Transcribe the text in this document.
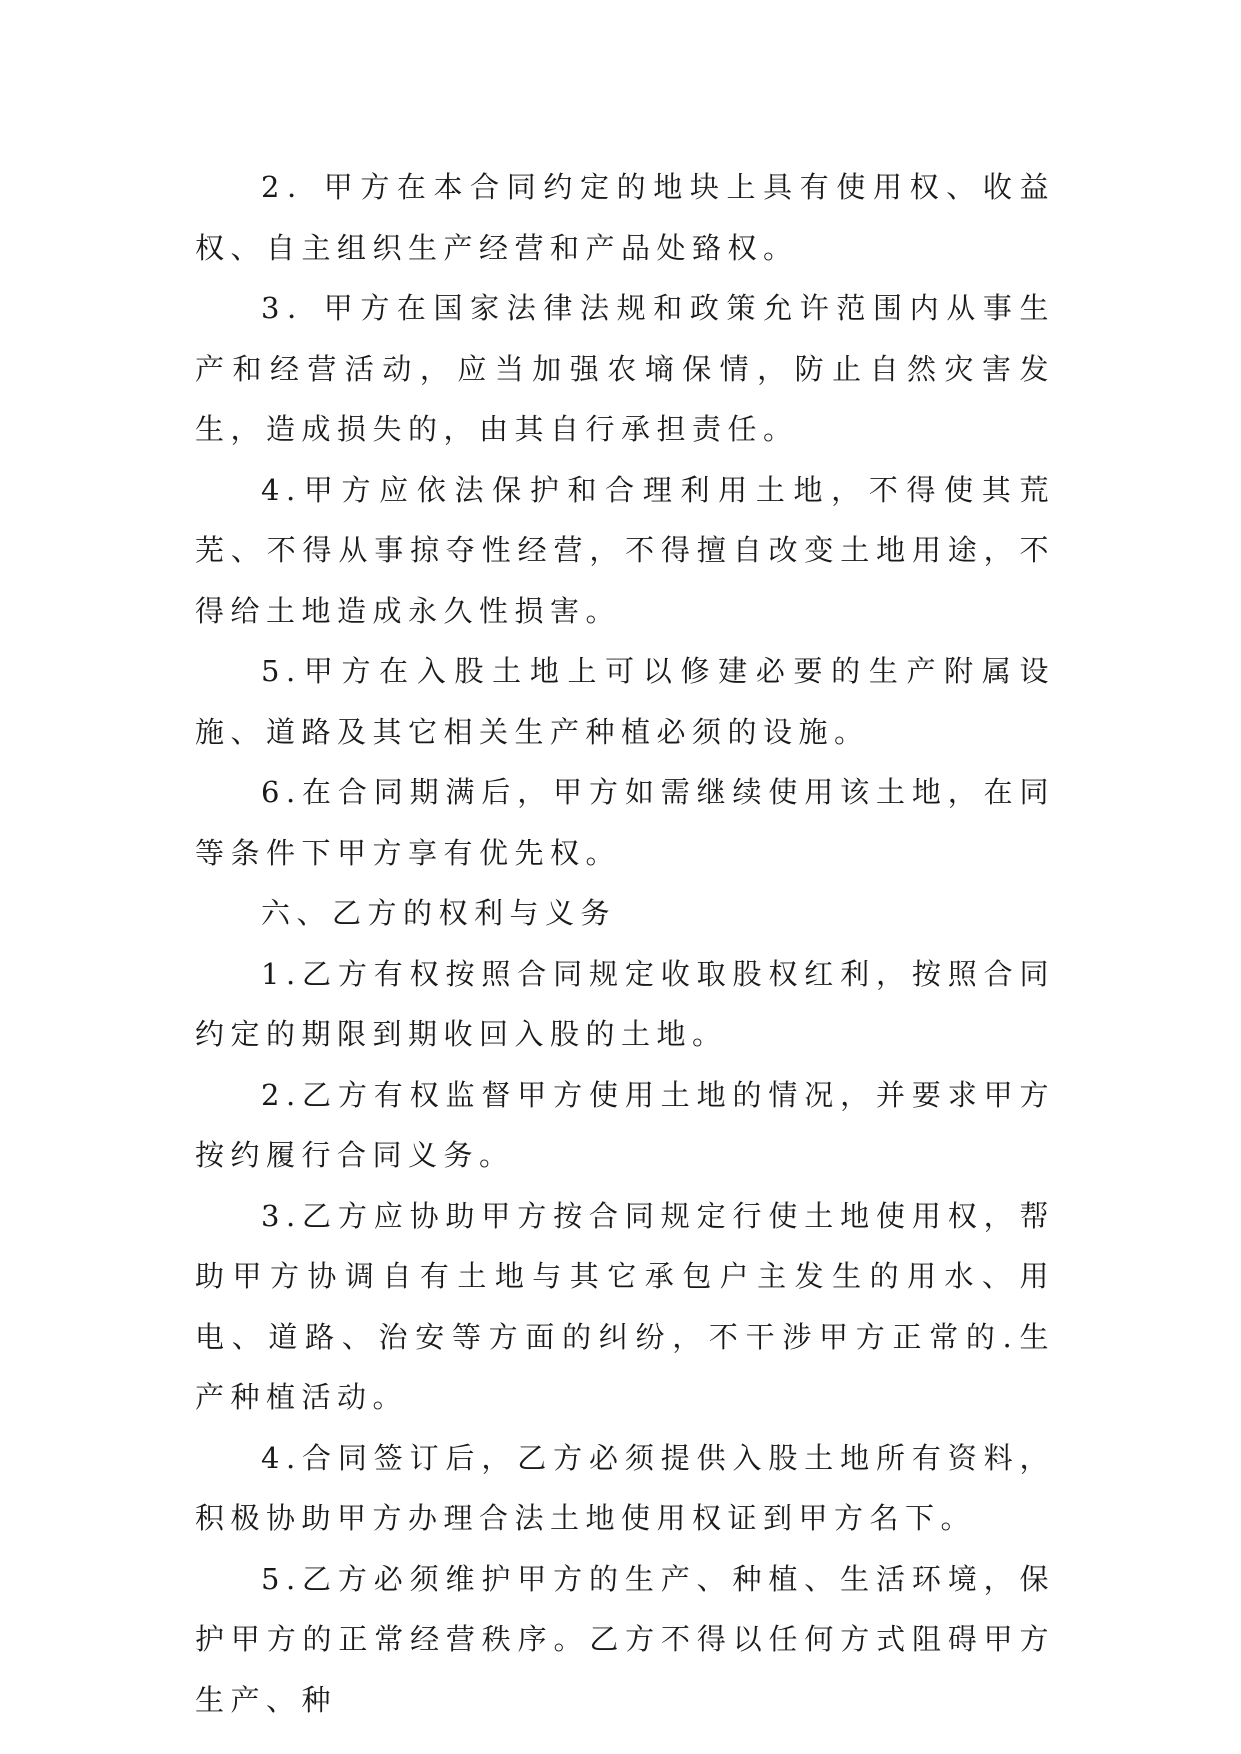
2．甲方在本合同约定的地块上具有使用权、收益权、自主组织生产经营和产品处臵权。

3．甲方在国家法律法规和政策允许范围内从事生产和经营活动，应当加强农墒保情，防止自然灾害发生，造成损失的，由其自行承担责任。

4.甲方应依法保护和合理利用土地，不得使其荒芜、不得从事掠夺性经营，不得擅自改变土地用途，不得给土地造成永久性损害。

5.甲方在入股土地上可以修建必要的生产附属设施、道路及其它相关生产种植必须的设施。

6.在合同期满后，甲方如需继续使用该土地，在同等条件下甲方享有优先权。

六、乙方的权利与义务

1.乙方有权按照合同规定收取股权红利，按照合同约定的期限到期收回入股的土地。

2.乙方有权监督甲方使用土地的情况，并要求甲方按约履行合同义务。

3.乙方应协助甲方按合同规定行使土地使用权，帮助甲方协调自有土地与其它承包户主发生的用水、用电、道路、治安等方面的纠纷，不干涉甲方正常的.生产种植活动。

4.合同签订后，乙方必须提供入股土地所有资料，积极协助甲方办理合法土地使用权证到甲方名下。

5.乙方必须维护甲方的生产、种植、生活环境，保护甲方的正常经营秩序。乙方不得以任何方式阻碍甲方生产、种
